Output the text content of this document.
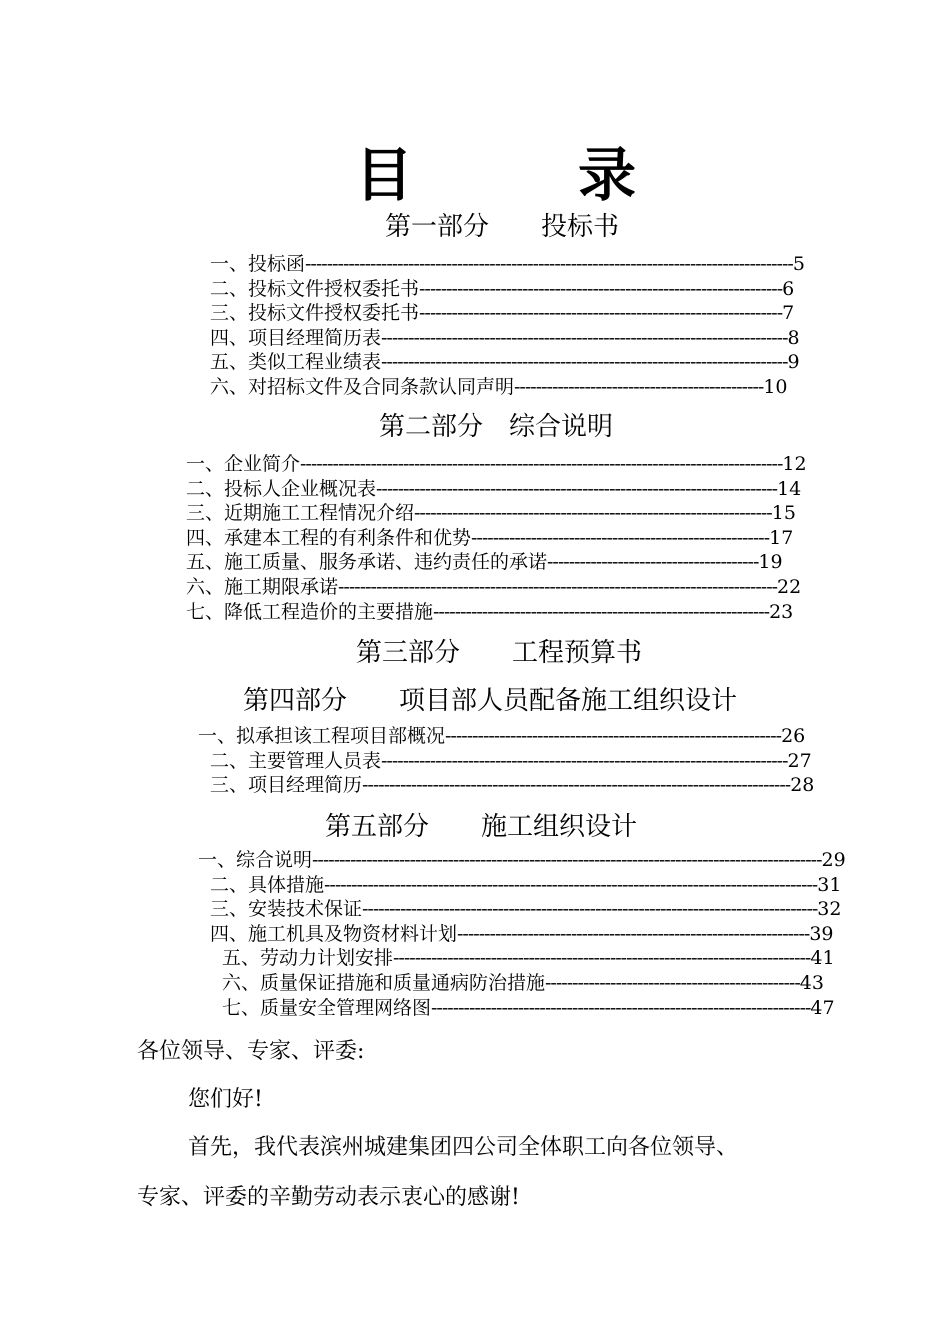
目	录
第一部分　　投标书
一、投标函------------------------------------------------------------------------------------------5
二、投标文件授权委托书-------------------------------------------------------------------6
三、投标文件授权委托书-------------------------------------------------------------------7
四、项目经理简历表---------------------------------------------------------------------------8
五、类似工程业绩表---------------------------------------------------------------------------9
六、对招标文件及合同条款认同声明----------------------------------------------10
第二部分　综合说明
一、企业简介-----------------------------------------------------------------------------------------12
二、投标人企业概况表--------------------------------------------------------------------------14
三、近期施工工程情况介绍------------------------------------------------------------------15
四、承建本工程的有利条件和优势-------------------------------------------------------17
五、施工质量、服务承诺、违约责任的承诺---------------------------------------19
六、施工期限承诺---------------------------------------------------------------------------------22
七、降低工程造价的主要措施--------------------------------------------------------------23
第三部分　　工程预算书
第四部分　　项目部人员配备施工组织设计
一、拟承担该工程项目部概况--------------------------------------------------------------26
二、主要管理人员表---------------------------------------------------------------------------27
三、项目经理简历-------------------------------------------------------------------------------28
第五部分　　施工组织设计
一、综合说明----------------------------------------------------------------------------------------------29
二、具体措施-------------------------------------------------------------------------------------------31
三、安装技术保证------------------------------------------------------------------------------------32
四、施工机具及物资材料计划-----------------------------------------------------------------39
五、劳动力计划安排-----------------------------------------------------------------------------41
六、质量保证措施和质量通病防治措施-----------------------------------------------43
七、质量安全管理网络图----------------------------------------------------------------------47
各位领导、专家、评委:
您们好!
首先，我代表滨州城建集团四公司全体职工向各位领导、
专家、评委的辛勤劳动表示衷心的感谢!
